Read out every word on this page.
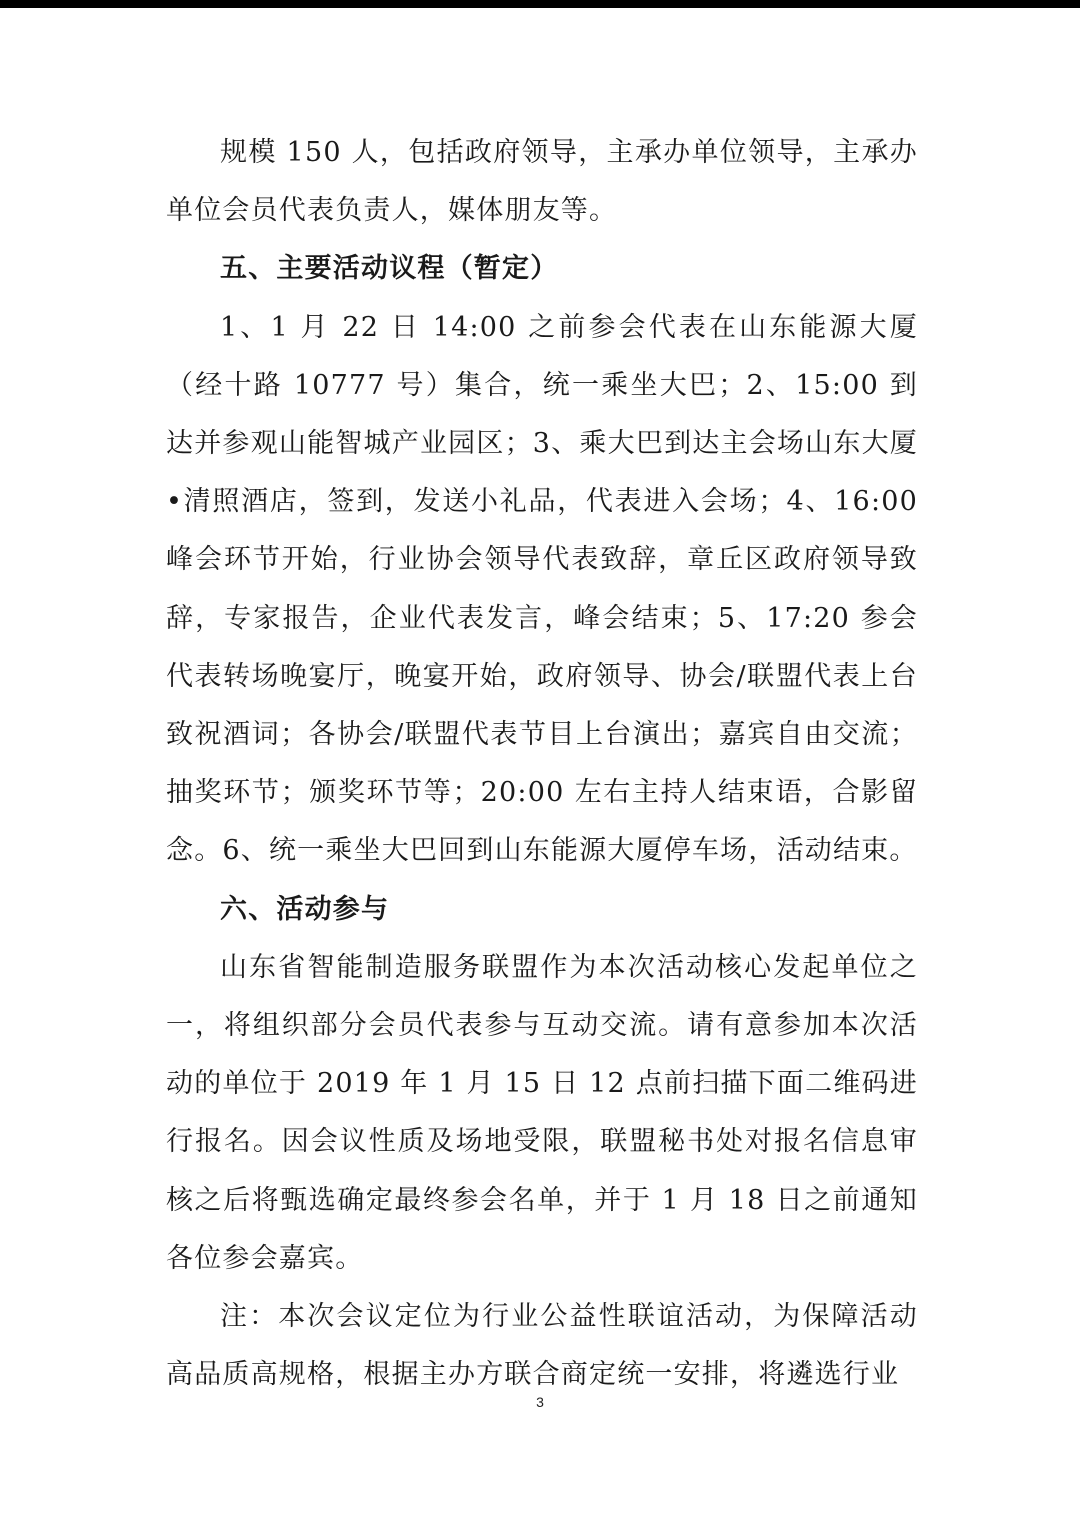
规模 150 人，包括政府领导，主承办单位领导，主承办单位会员代表负责人，媒体朋友等。

五、主要活动议程（暂定）

1、1 月 22 日 14:00 之前参会代表在山东能源大厦（经十路 10777 号）集合，统一乘坐大巴；2、15:00 到达并参观山能智城产业园区；3、乘大巴到达主会场山东大厦•清照酒店，签到，发送小礼品，代表进入会场；4、16:00 峰会环节开始，行业协会领导代表致辞，章丘区政府领导致辞，专家报告，企业代表发言，峰会结束；5、17:20 参会代表转场晚宴厅，晚宴开始，政府领导、协会/联盟代表上台致祝酒词；各协会/联盟代表节目上台演出；嘉宾自由交流；抽奖环节；颁奖环节等；20:00 左右主持人结束语，合影留念。6、统一乘坐大巴回到山东能源大厦停车场，活动结束。

六、活动参与

山东省智能制造服务联盟作为本次活动核心发起单位之一，将组织部分会员代表参与互动交流。请有意参加本次活动的单位于 2019 年 1 月 15 日 12 点前扫描下面二维码进行报名。因会议性质及场地受限，联盟秘书处对报名信息审核之后将甄选确定最终参会名单，并于 1 月 18 日之前通知各位参会嘉宾。

注：本次会议定位为行业公益性联谊活动，为保障活动高品质高规格，根据主办方联合商定统一安排，将遴选行业

3
